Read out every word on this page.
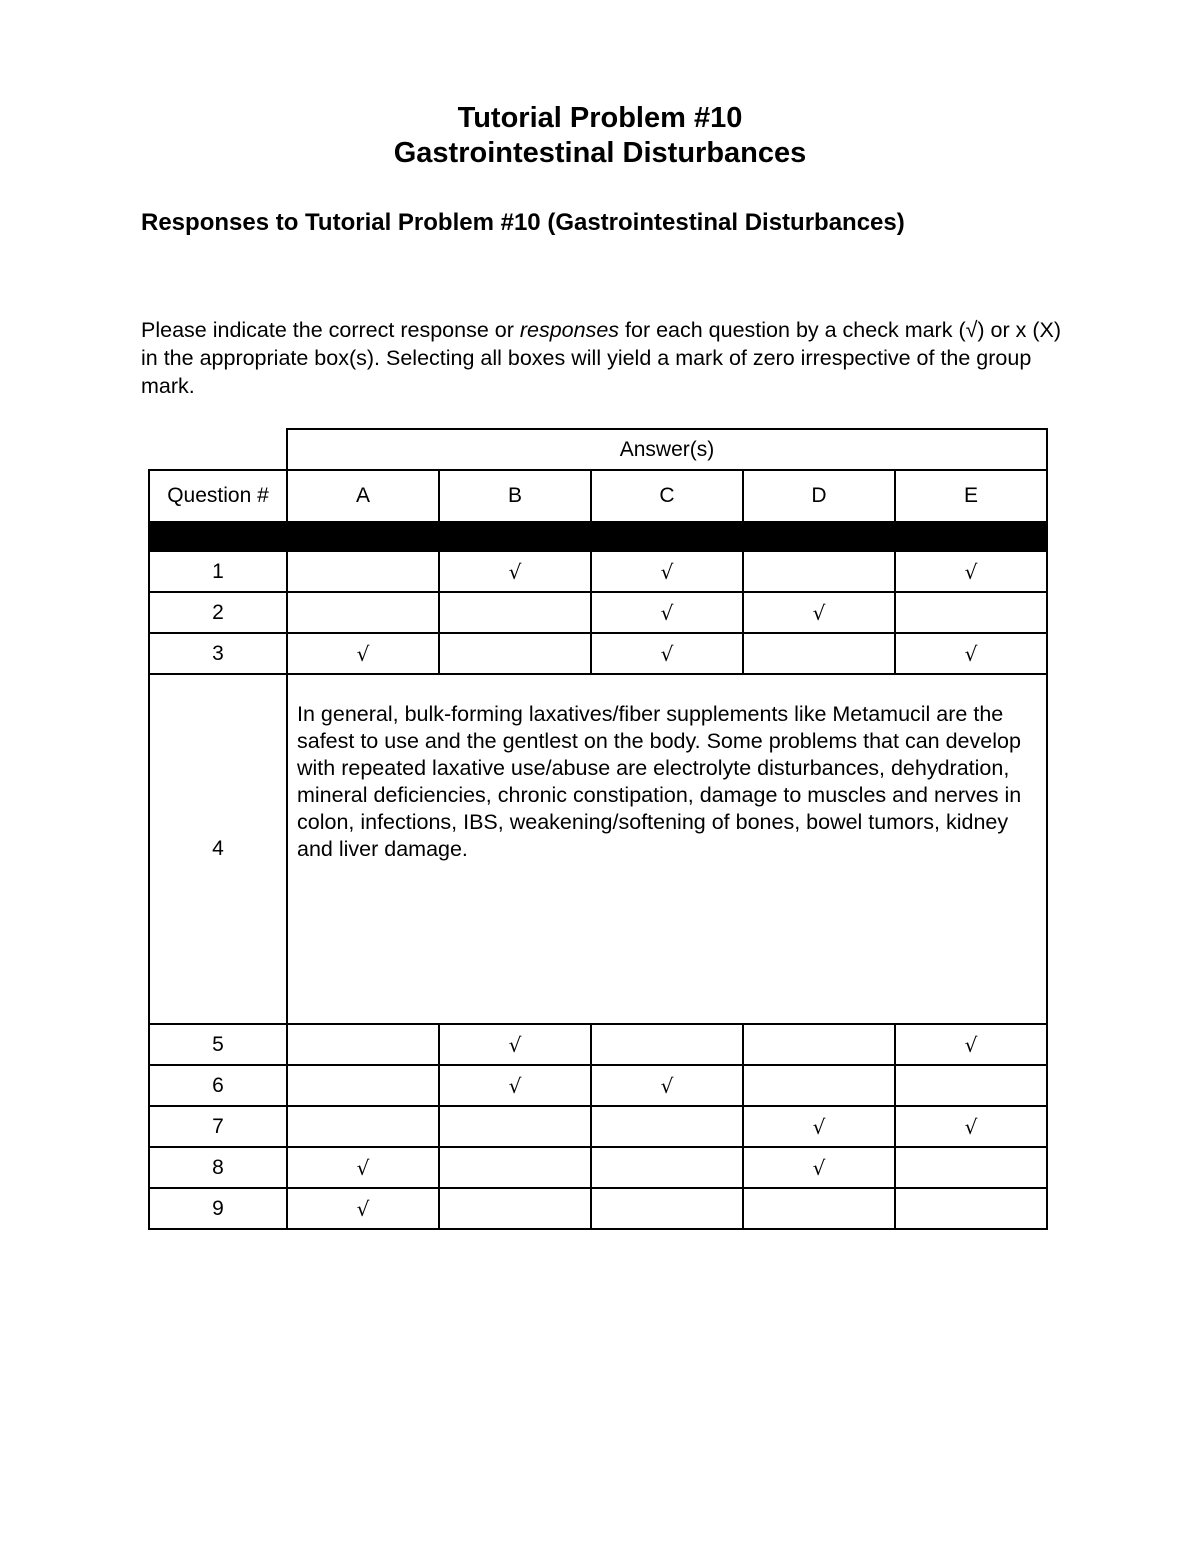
Tutorial Problem #10
Gastrointestinal Disturbances
Responses to Tutorial Problem #10 (Gastrointestinal Disturbances)

Please indicate the correct response or responses for each question by a check mark (√) or x (X) in the appropriate box(s). Selecting all boxes will yield a mark of zero irrespective of the group mark.

Answer(s)
Question #	A	B	C	D	E

1		√	√		√
2			√	√	
3	√		√		√
4	In general, bulk-forming laxatives/fiber supplements like Metamucil are the safest to use and the gentlest on the body. Some problems that can develop with repeated laxative use/abuse are electrolyte disturbances, dehydration, mineral deficiencies, chronic constipation, damage to muscles and nerves in colon, infections, IBS, weakening/softening of bones, bowel tumors, kidney and liver damage.				
5		√			√
6		√	√		
7				√	√
8	√			√	
9	√				
